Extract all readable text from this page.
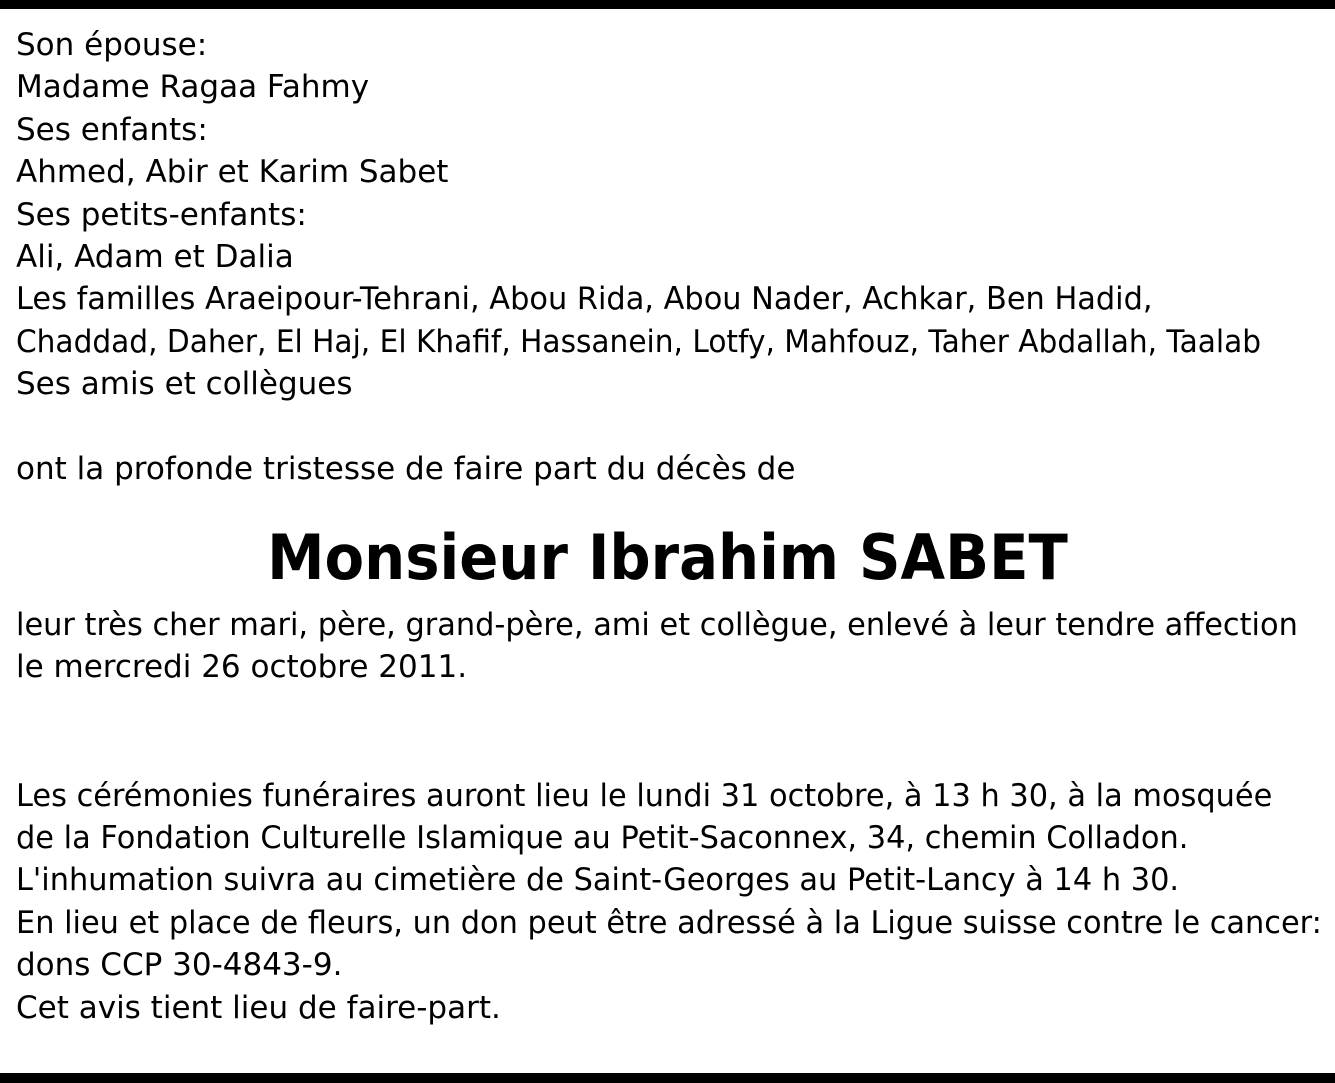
Son épouse:
Madame Ragaa Fahmy
Ses enfants:
Ahmed, Abir et Karim Sabet
Ses petits-enfants:
Ali, Adam et Dalia
Les familles Araeipour-Tehrani, Abou Rida, Abou Nader, Achkar, Ben Hadid,
Chaddad, Daher, El Haj, El Khafif, Hassanein, Lotfy, Mahfouz, Taher Abdallah, Taalab
Ses amis et collègues
ont la profonde tristesse de faire part du décès de
Monsieur Ibrahim SABET
leur très cher mari, père, grand-père, ami et collègue, enlevé à leur tendre affection
le mercredi 26 octobre 2011.
Les cérémonies funéraires auront lieu le lundi 31 octobre, à 13 h 30, à la mosquée
de la Fondation Culturelle Islamique au Petit-Saconnex, 34, chemin Colladon.
L'inhumation suivra au cimetière de Saint-Georges au Petit-Lancy à 14 h 30.
En lieu et place de fleurs, un don peut être adressé à la Ligue suisse contre le cancer:
dons CCP 30-4843-9.
Cet avis tient lieu de faire-part.
